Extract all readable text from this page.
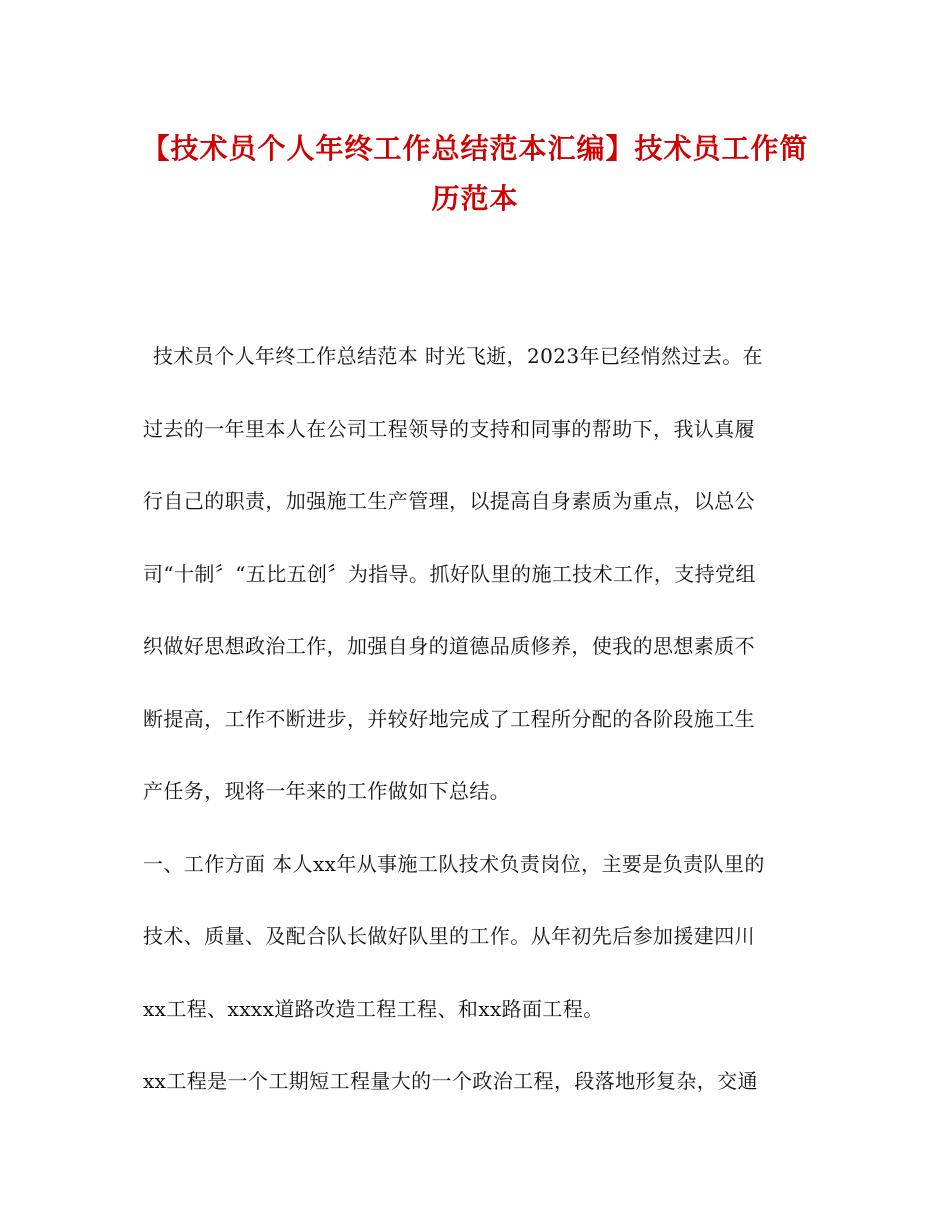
【技术员个人年终工作总结范本汇编】技术员工作简
历范本
技术员个人年终工作总结范本 时光飞逝，2023年已经悄然过去。在
过去的一年里本人在公司工程领导的支持和同事的帮助下，我认真履
行自己的职责，加强施工生产管理，以提高自身素质为重点，以总公
司“十制〞“五比五创〞为指导。抓好队里的施工技术工作，支持党组
织做好思想政治工作，加强自身的道德品质修养，使我的思想素质不
断提高，工作不断进步，并较好地完成了工程所分配的各阶段施工生
产任务，现将一年来的工作做如下总结。
一、工作方面 本人xx年从事施工队技术负责岗位，主要是负责队里的
技术、质量、及配合队长做好队里的工作。从年初先后参加援建四川
xx工程、xxxx道路改造工程工程、和xx路面工程。
xx工程是一个工期短工程量大的一个政治工程，段落地形复杂，交通
